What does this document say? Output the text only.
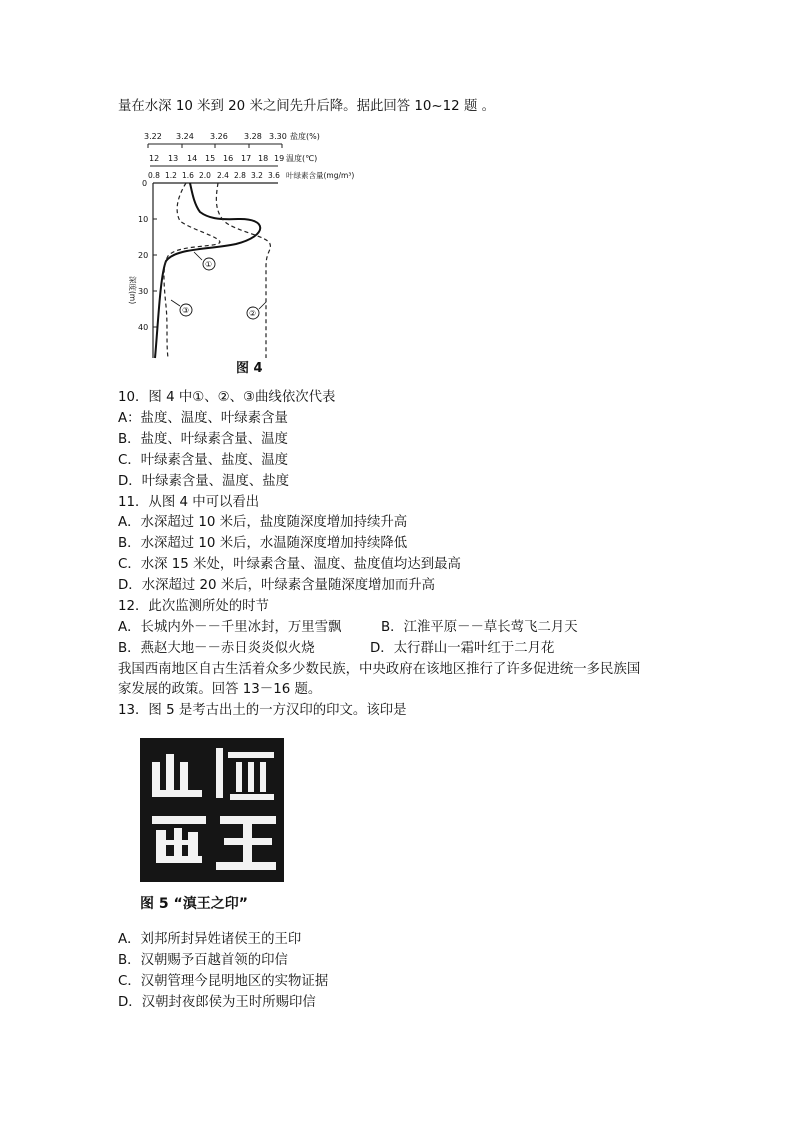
量在水深 10 米到 20 米之间先升后降。据此回答 10~12 题 。
3.22 3.24 3.26 3.28 3.30 盐度(%)
12 13 14 15 16 17 18 19 温度(℃)
0.8 1.2 1.6 2.0 2.4 2.8 3.2 3.6 叶绿素含量(mg/m³)
0
10
20
30
40
深度(m)
①
②
③
图 4
10．图 4 中①、②、③曲线依次代表
A：盐度、温度、叶绿素含量
B．盐度、叶绿素含量、温度
C．叶绿素含量、盐度、温度
D．叶绿素含量、温度、盐度
11．从图 4 中可以看出
A．水深超过 10 米后，盐度随深度增加持续升高
B．水深超过 10 米后，水温随深度增加持续降低
C．水深 15 米处，叶绿素含量、温度、盐度值均达到最高
D．水深超过 20 米后，叶绿素含量随深度增加而升高
12．此次监测所处的时节
A．长城内外－－千里冰封，万里雪飘	B．江淮平原－－草长莺飞二月天
B．燕赵大地－－赤日炎炎似火烧	D．太行群山一霜叶红于二月花
我国西南地区自古生活着众多少数民族，中央政府在该地区推行了许多促进统一多民族国
家发展的政策。回答 13－16 题。
13．图 5 是考古出土的一方汉印的印文。该印是
图 5 “滇王之印”
A．刘邦所封异姓诸侯王的王印
B．汉朝赐予百越首领的印信
C．汉朝管理今昆明地区的实物证据
D．汉朝封夜郎侯为王时所赐印信
